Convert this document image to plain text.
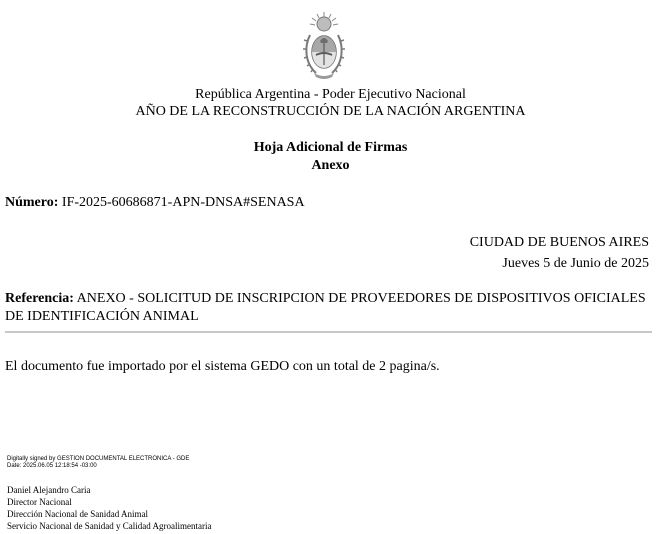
República Argentina - Poder Ejecutivo Nacional
AÑO DE LA RECONSTRUCCIÓN DE LA NACIÓN ARGENTINA
Hoja Adicional de Firmas
Anexo
Número: IF-2025-60686871-APN-DNSA#SENASA
CIUDAD DE BUENOS AIRES
Jueves 5 de Junio de 2025
Referencia: ANEXO - SOLICITUD DE INSCRIPCION DE PROVEEDORES DE DISPOSITIVOS OFICIALES DE IDENTIFICACIÓN ANIMAL
El documento fue importado por el sistema GEDO con un total de 2 pagina/s.
Digitally signed by GESTION DOCUMENTAL ELECTRONICA - GDE
Date: 2025.06.05 12:18:54 -03:00
Daniel Alejandro Caria
Director Nacional
Dirección Nacional de Sanidad Animal
Servicio Nacional de Sanidad y Calidad Agroalimentaria
